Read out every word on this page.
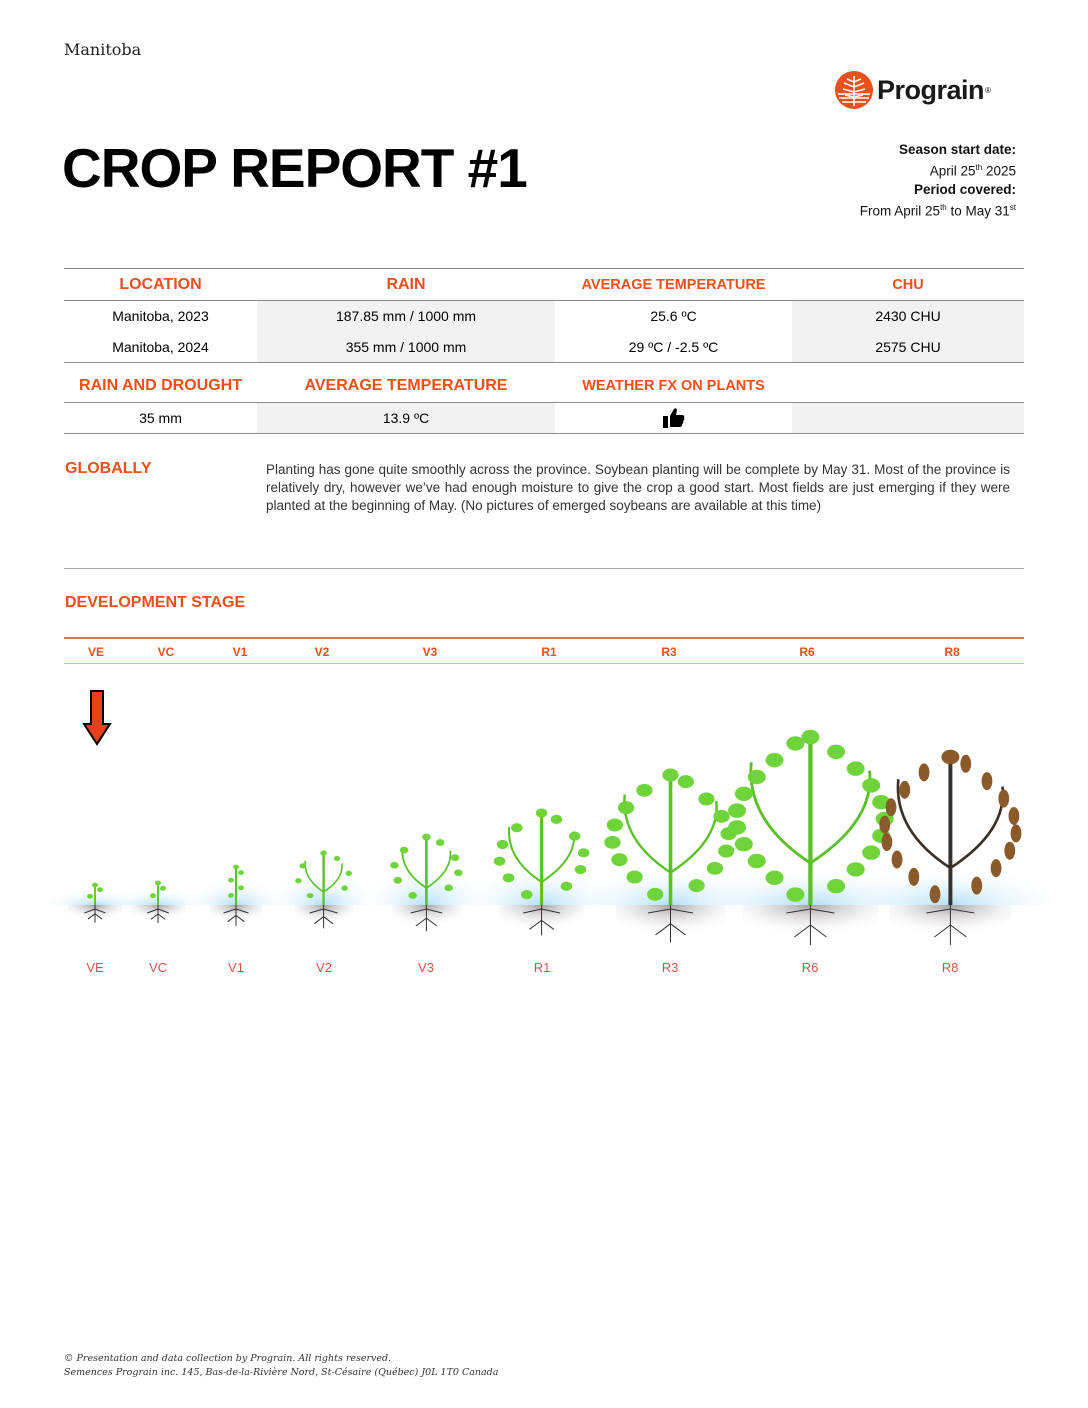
Manitoba
Prograin ®
CROP REPORT #1	Season start date:
April 25th 2025
Period covered:
From April 25th to May 31st
LOCATION	RAIN	AVERAGE TEMPERATURE	CHU
Manitoba, 2023	187.85 mm / 1000 mm	25.6 ºC	2430 CHU
Manitoba, 2024	355 mm / 1000 mm	29 ºC / -2.5 ºC	2575 CHU
RAIN AND DROUGHT	AVERAGE TEMPERATURE	WEATHER FX ON PLANTS	
35 mm	13.9 ºC		
GLOBALLY	Planting has gone quite smoothly across the province. Soybean planting will be complete by May 31. Most of the province is relatively dry, however we’ve had enough moisture to give the crop a good start. Most fields are just emerging if they were planted at the beginning of May. (No pictures of emerged soybeans are available at this time)
DEVELOPMENT STAGE
VE	VC	V1	V2	V3	R1	R3	R6	R8
VE	VC	V1	V2	V3	R1	R3	R6	R8
© Presentation and data collection by Prograin. All rights reserved.
Semences Prograin inc. 145, Bas-de-la-Rivière Nord, St-Césaire (Québec) J0L 1T0 Canada
